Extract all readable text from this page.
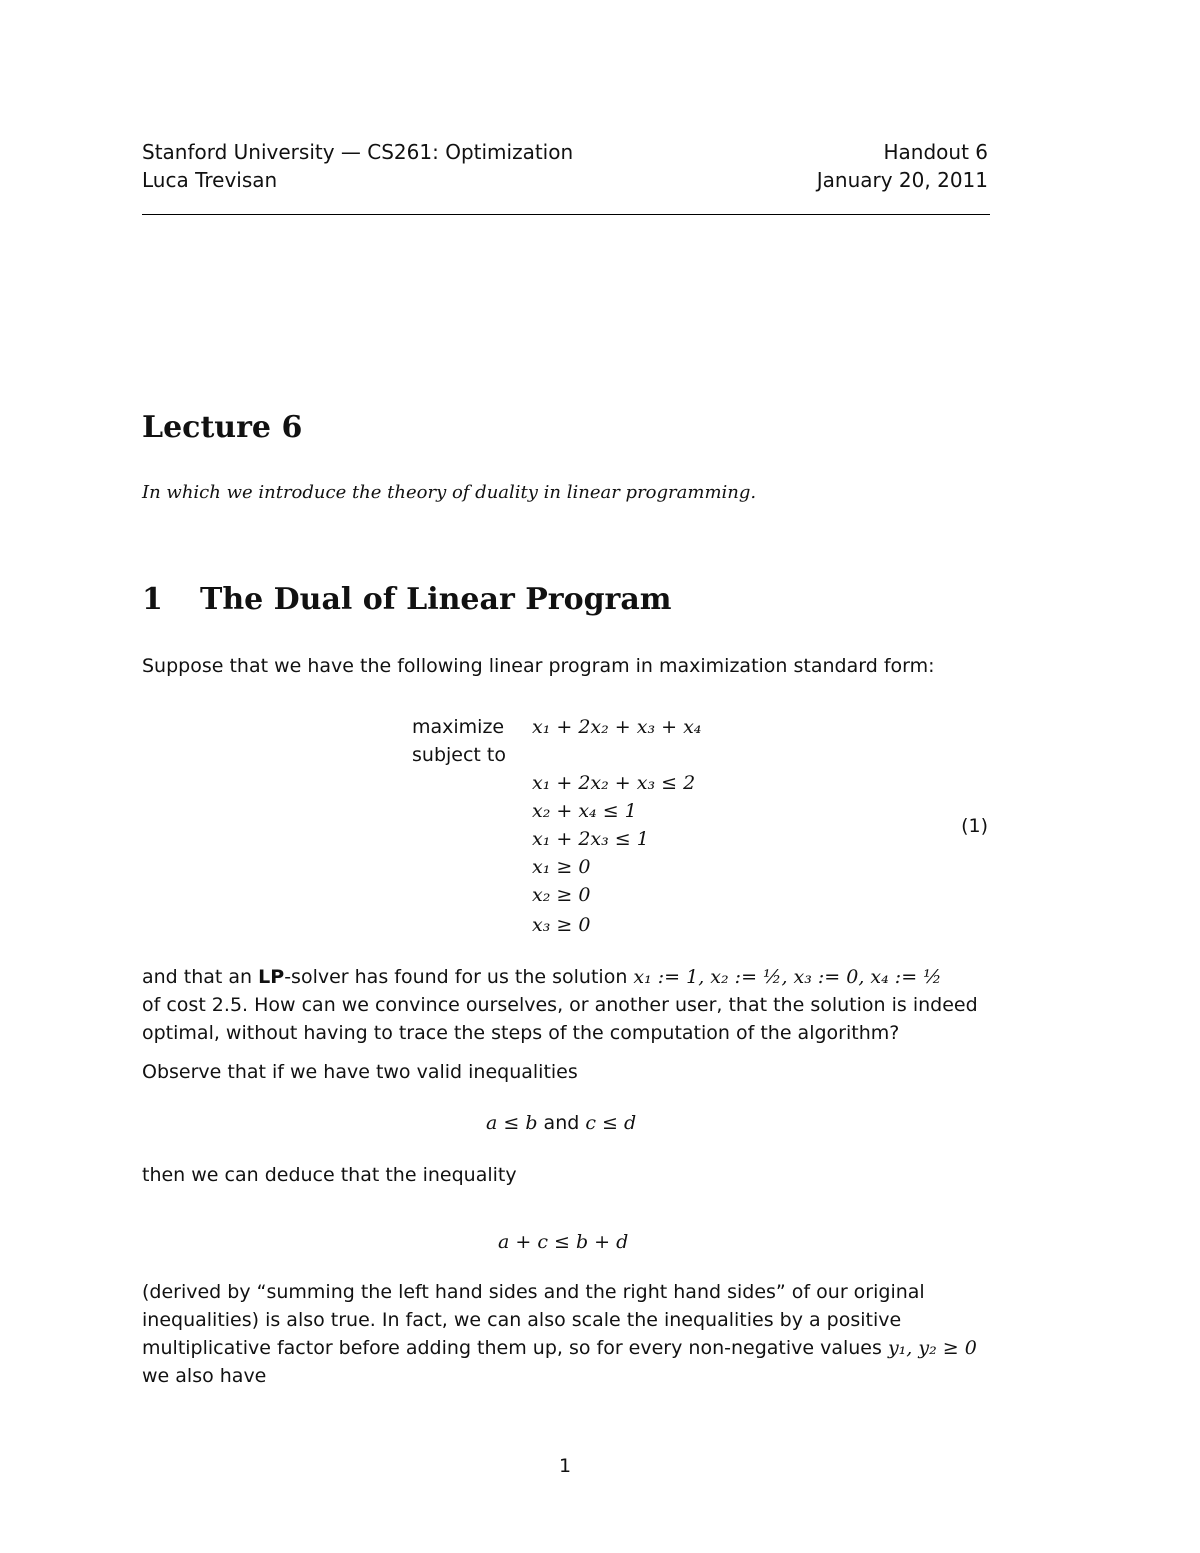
Stanford University — CS261: Optimization	Handout 6
Luca Trevisan	January 20, 2011
Lecture 6
In which we introduce the theory of duality in linear programming.
1 The Dual of Linear Program
Suppose that we have the following linear program in maximization standard form:
maximize x₁ + 2x₂ + x₃ + x₄
subject to
x₁ + 2x₂ + x₃ ≤ 2
x₂ + x₄ ≤ 1
x₁ + 2x₃ ≤ 1
x₁ ≥ 0
x₂ ≥ 0
x₃ ≥ 0
(1)
and that an LP-solver has found for us the solution x₁ := 1, x₂ := ½, x₃ := 0, x₄ := ½
of cost 2.5. How can we convince ourselves, or another user, that the solution is indeed
optimal, without having to trace the steps of the computation of the algorithm?
Observe that if we have two valid inequalities
a ≤ b and c ≤ d
then we can deduce that the inequality
a + c ≤ b + d
(derived by “summing the left hand sides and the right hand sides” of our original
inequalities) is also true. In fact, we can also scale the inequalities by a positive
multiplicative factor before adding them up, so for every non-negative values y₁, y₂ ≥ 0
we also have
1
